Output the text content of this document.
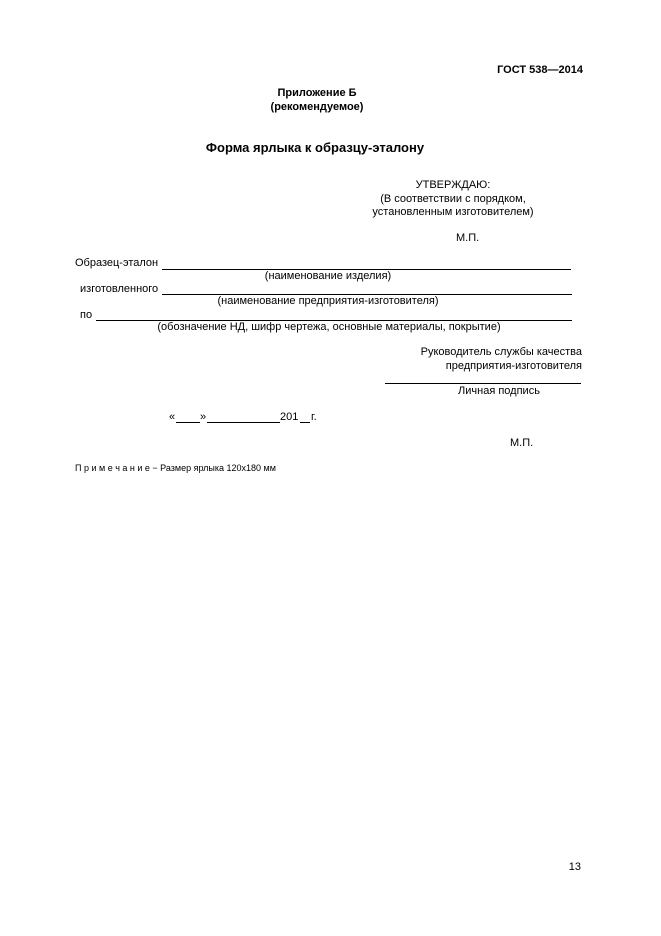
ГОСТ 538—2014
Приложение Б
(рекомендуемое)
Форма ярлыка к образцу-эталону
УТВЕРЖДАЮ:
(В соответствии с порядком,
установленным изготовителем)
М.П.
Образец-эталон
(наименование изделия)
изготовленного
(наименование предприятия-изготовителя)
по
(обозначение НД, шифр чертежа, основные материалы, покрытие)
Руководитель службы качества
предприятия-изготовителя
Личная подпись
« »	201 г.
М.П.
П р и м е ч а н и е − Размер ярлыка 120х180 мм
13
